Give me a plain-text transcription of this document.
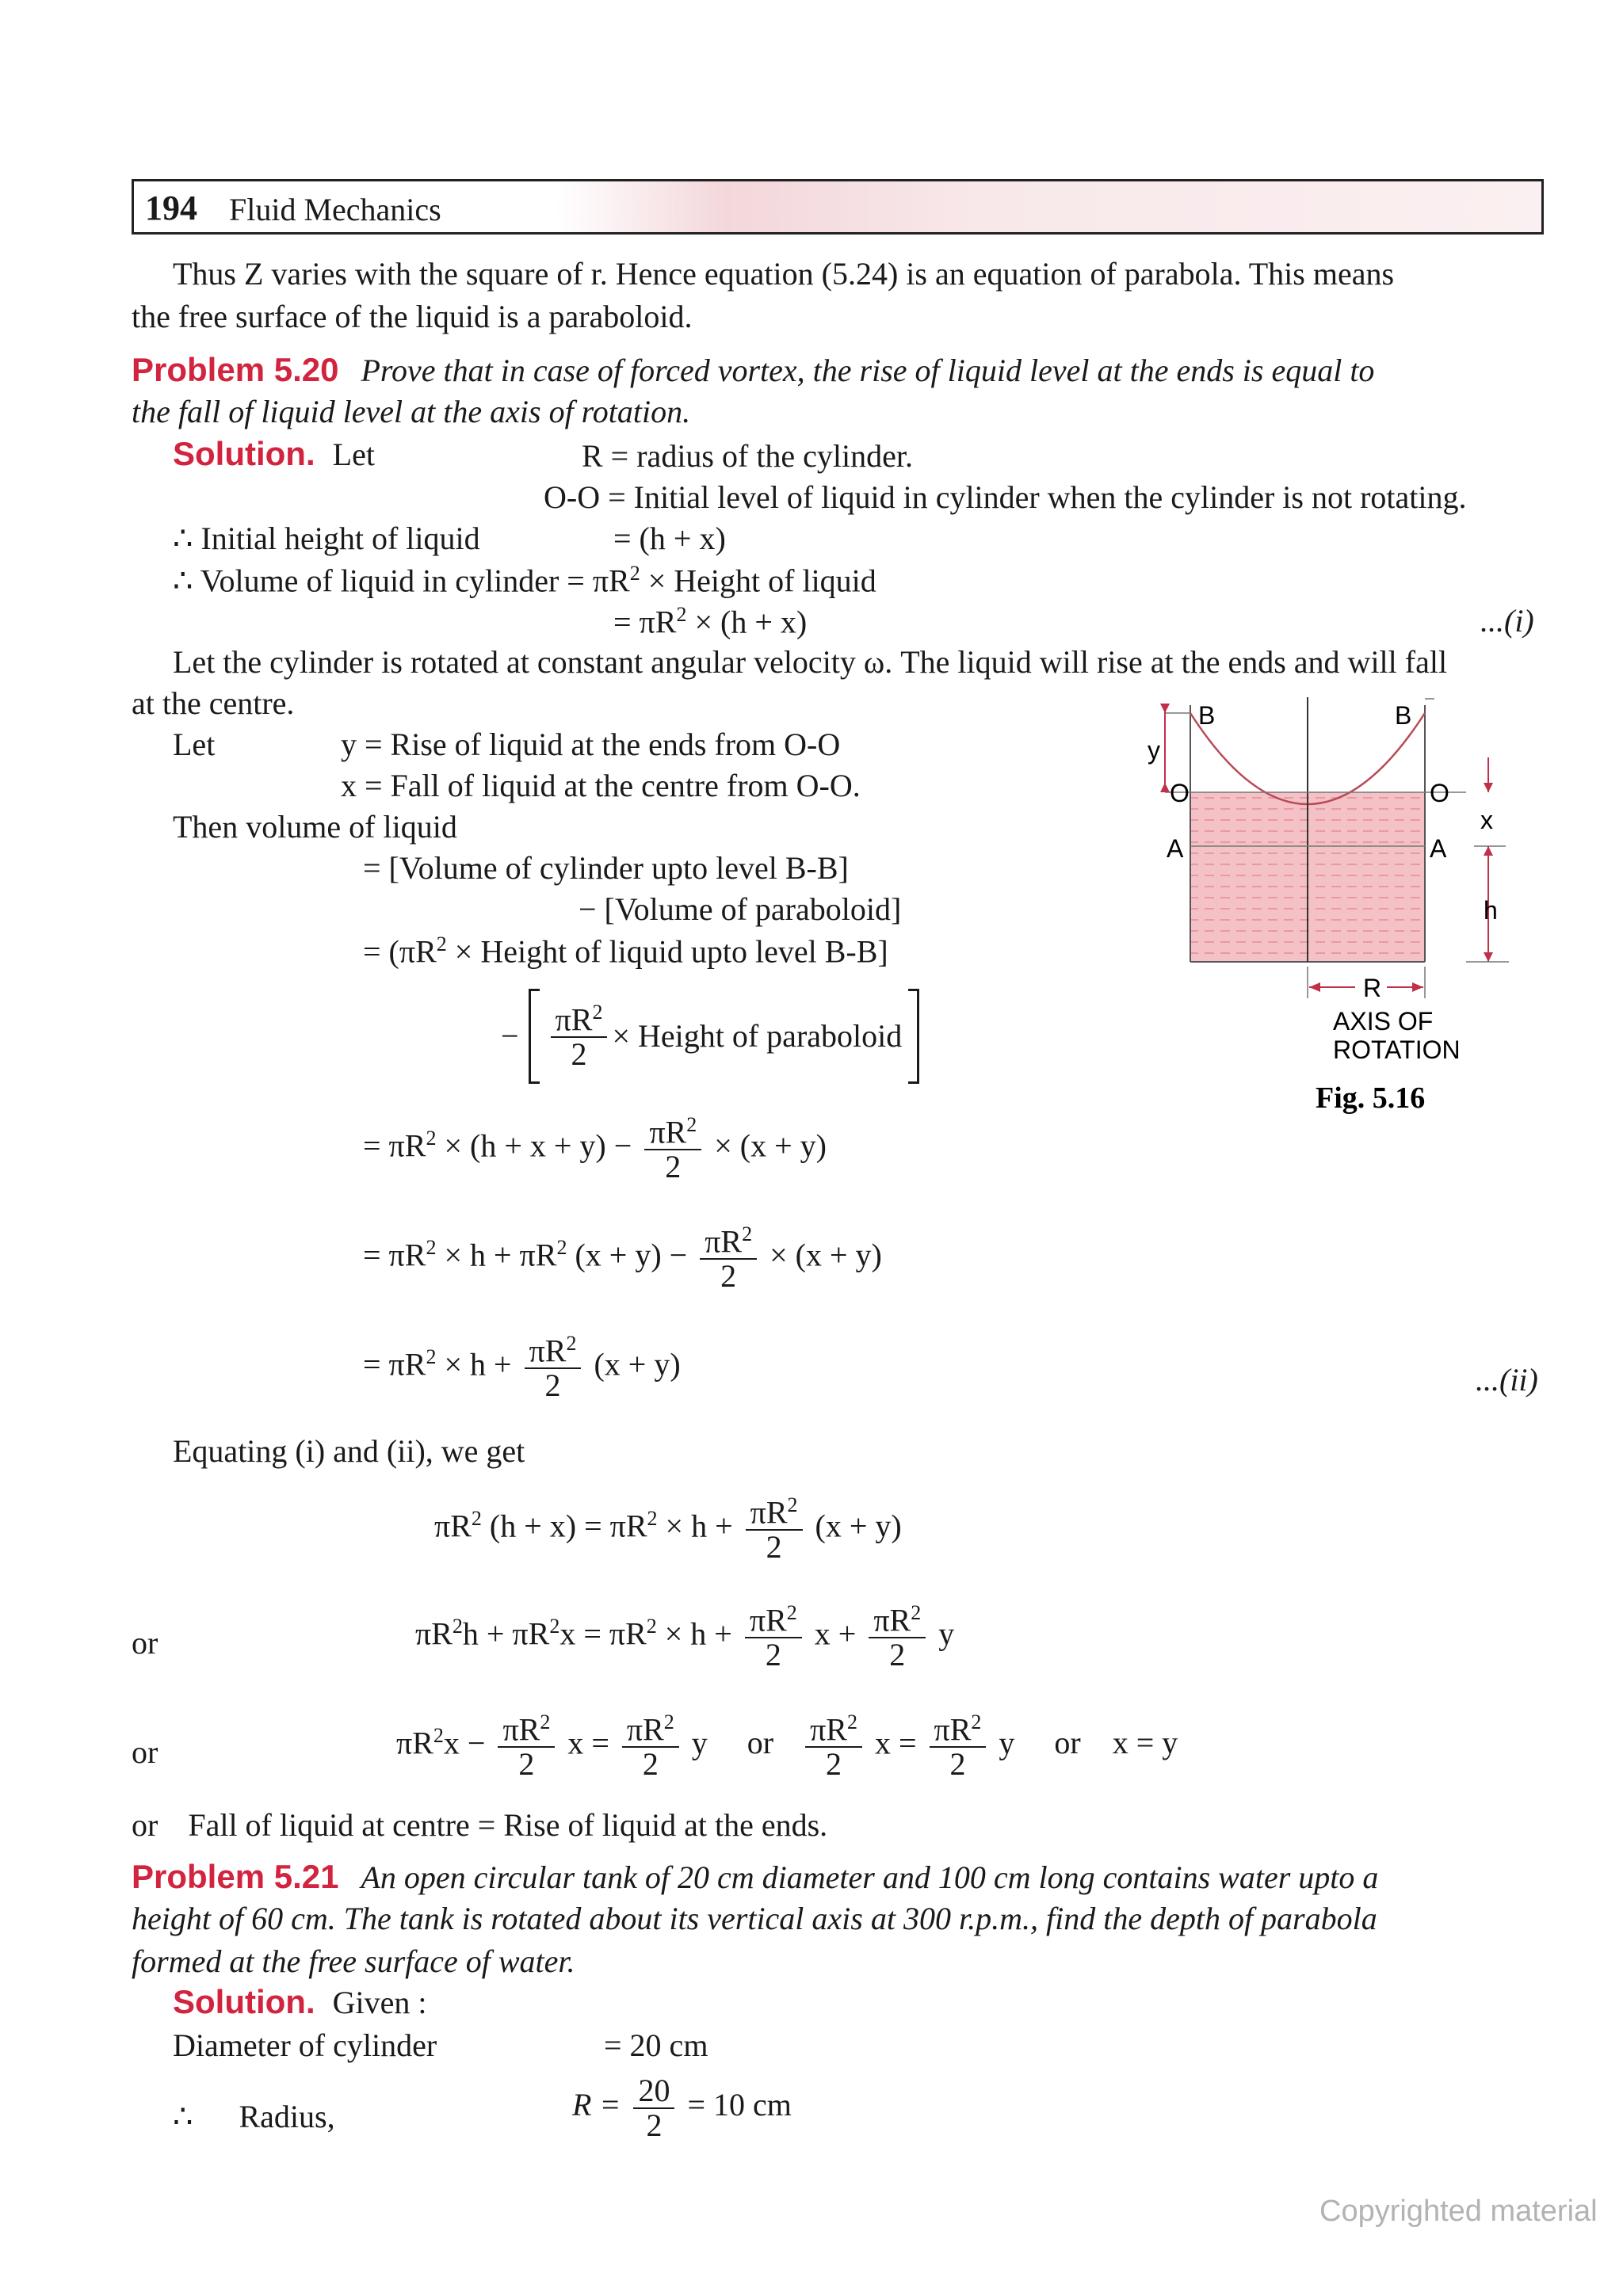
194 Fluid Mechanics
Thus Z varies with the square of r. Hence equation (5.24) is an equation of parabola. This means
the free surface of the liquid is a paraboloid.
Problem 5.20 Prove that in case of forced vortex, the rise of liquid level at the ends is equal to
the fall of liquid level at the axis of rotation.
Solution. Let	R = radius of the cylinder.
O-O = Initial level of liquid in cylinder when the cylinder is not rotating.
∴ Initial height of liquid	= (h + x)
∴ Volume of liquid in cylinder = $\pi R^2$ × Height of liquid
= $\pi R^2 \times (h + x)$	...(i)
Let the cylinder is rotated at constant angular velocity ω. The liquid will rise at the ends and will fall
at the centre.
Let	y = Rise of liquid at the ends from O-O
x = Fall of liquid at the centre from O-O.
Then volume of liquid
= [Volume of cylinder upto level B-B]
− [Volume of paraboloid]
= ($\pi R^2$ × Height of liquid upto level B-B]
− $\frac{\pi R^2}{2}$ × Height of paraboloid
= $\pi R^2 \times (h + x + y) - \frac{\pi R^2}{2} \times (x + y)$
= $\pi R^2 \times h + \pi R^2$ $(x + y) - \frac{\pi R^2}{2} \times (x + y)$
= $\pi R^2 \times h + \frac{\pi R^2}{2} (x + y)$	...(ii)
Equating (i) and (ii), we get
$\pi R^2$ $(h + x) = \pi R^2 \times h + \frac{\pi R^2}{2} (x + y)$
or	$\pi R^2h + \pi R^2x = \pi R^2 \times h + \frac{\pi R^2}{2}$ $x + \frac{\pi R^2}{2}$ y
or	$\pi R^2x - \frac{\pi R^2}{2}$ $x = \frac{\pi R^2}{2}$ y or $\frac{\pi R^2}{2}$ $x = \frac{\pi R^2}{2}$ y or x = y
or Fall of liquid at centre = Rise of liquid at the ends.
B	B
y
O	O
A	A
x
h
R
AXIS OF
ROTATION
Fig. 5.16
Problem 5.21 An open circular tank of 20 cm diameter and 100 cm long contains water upto a
height of 60 cm. The tank is rotated about its vertical axis at 300 r.p.m., find the depth of parabola
formed at the free surface of water.
Solution. Given :
Diameter of cylinder	= 20 cm
∴ Radius,	$R = \frac{20}{2} = 10$ cm
Copyrighted material
